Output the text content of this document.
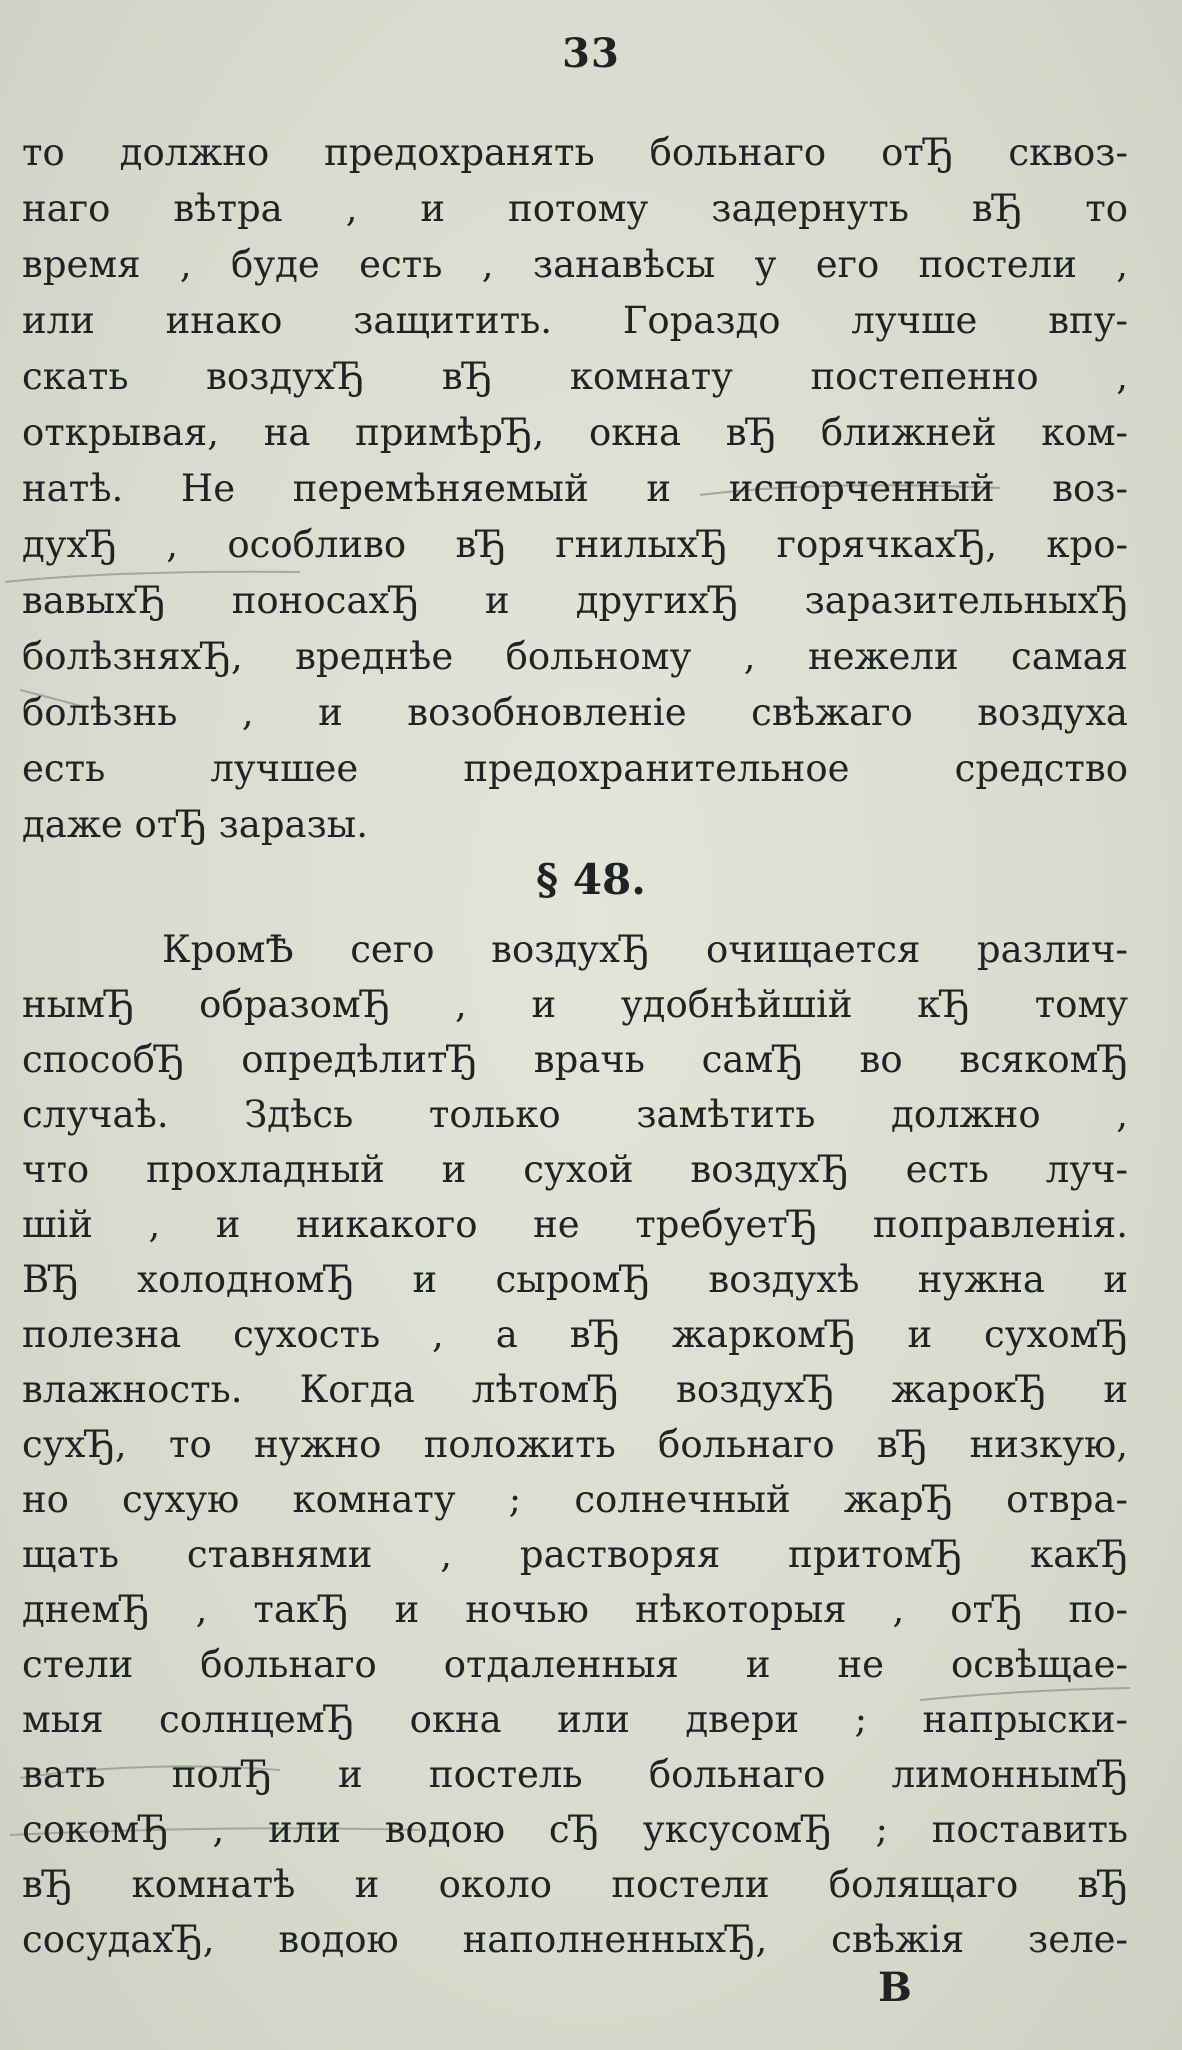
33
то должно предохранять больнаго отЂ сквоз-
наго вѣтра , и потому задернуть вЂ то
время , буде есть , занавѣсы у его постели ,
или инако защитить. Гораздо лучше впу-
скать воздухЂ вЂ комнату постепенно ,
открывая, на примѣрЂ, окна вЂ ближней ком-
натѣ. Не перемѣняемый и испорченный воз-
духЂ , особливо вЂ гнилыхЂ горячкахЂ, кро-
вавыхЂ поносахЂ и другихЂ заразительныхЂ
болѣзняхЂ, вреднѣе больному , нежели самая
болѣзнь , и возобновленіе свѣжаго воздуха
есть лучшее предохранительное средство
даже отЂ заразы.
§ 48.
КромѢ сего воздухЂ очищается различ-
нымЂ образомЂ , и удобнѣйшій кЂ тому
способЂ опредѣлитЂ врачь самЂ во всякомЂ
случаѣ. Здѣсь только замѣтить должно ,
что прохладный и сухой воздухЂ есть луч-
шій , и никакого не требуетЂ поправленія.
ВЂ холодномЂ и сыромЂ воздухѣ нужна и
полезна сухость , а вЂ жаркомЂ и сухомЂ
влажность. Когда лѣтомЂ воздухЂ жарокЂ и
сухЂ, то нужно положить больнаго вЂ низкую,
но сухую комнату ; солнечный жарЂ отвра-
щать ставнями , растворяя притомЂ какЂ
днемЂ , такЂ и ночью нѣкоторыя , отЂ по-
стели больнаго отдаленныя и не освѣщае-
мыя солнцемЂ окна или двери ; напрыски-
вать полЂ и постель больнаго лимоннымЂ
сокомЂ , или водою сЂ уксусомЂ ; поставить
вЂ комнатѣ и около постели болящаго вЂ
сосудахЂ, водою наполненныхЂ, свѣжія зеле-
В
